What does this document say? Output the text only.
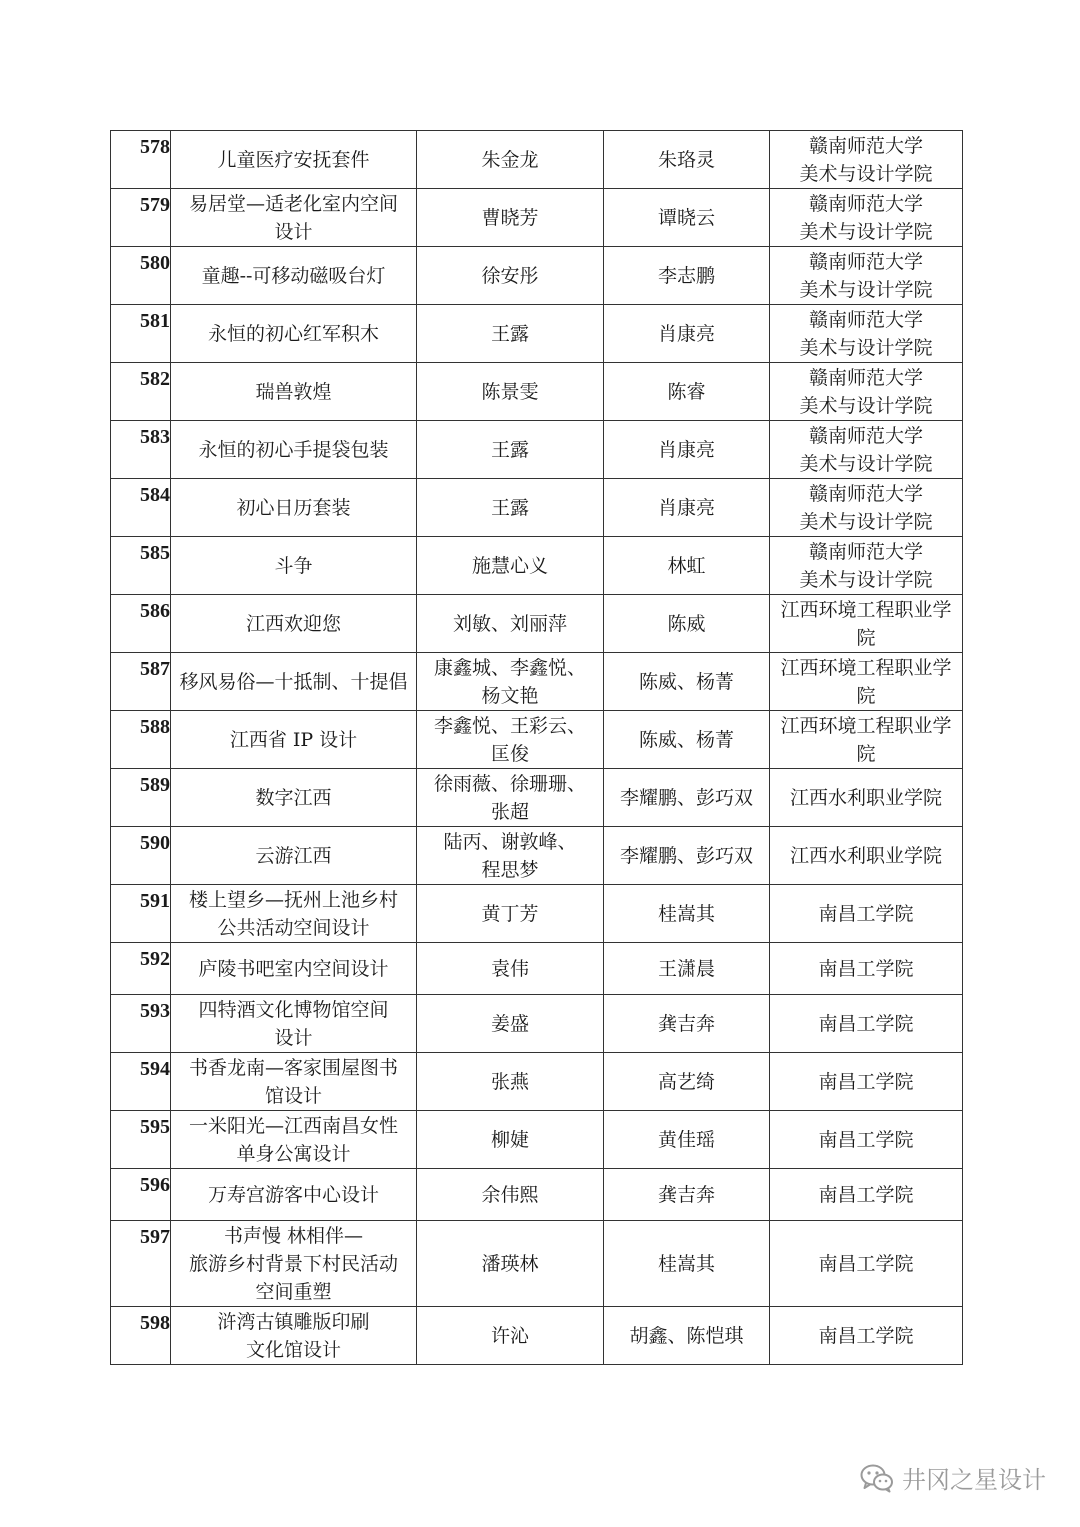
578	儿童医疗安抚套件	朱金龙	朱珞灵	赣南师范大学
美术与设计学院
579	易居堂—适老化室内空间
设计	曹晓芳	谭晓云	赣南师范大学
美术与设计学院
580	童趣--可移动磁吸台灯	徐安彤	李志鹏	赣南师范大学
美术与设计学院
581	永恒的初心红军积木	王露	肖康亮	赣南师范大学
美术与设计学院
582	瑞兽敦煌	陈景雯	陈睿	赣南师范大学
美术与设计学院
583	永恒的初心手提袋包装	王露	肖康亮	赣南师范大学
美术与设计学院
584	初心日历套装	王露	肖康亮	赣南师范大学
美术与设计学院
585	斗争	施慧心义	林虹	赣南师范大学
美术与设计学院
586	江西欢迎您	刘敏、刘丽萍	陈威	江西环境工程职业学
院
587	移风易俗—十抵制、十提倡	康鑫城、李鑫悦、
杨文艳	陈威、杨菁	江西环境工程职业学
院
588	江西省 IP 设计	李鑫悦、王彩云、
匡俊	陈威、杨菁	江西环境工程职业学
院
589	数字江西	徐雨薇、徐珊珊、
张超	李耀鹏、彭巧双	江西水利职业学院
590	云游江西	陆丙、谢敦峰、
程思梦	李耀鹏、彭巧双	江西水利职业学院
591	楼上望乡—抚州上池乡村
公共活动空间设计	黄丁芳	桂嵩其	南昌工学院
592	庐陵书吧室内空间设计	袁伟	王潇晨	南昌工学院
593	四特酒文化博物馆空间
设计	姜盛	龚吉奔	南昌工学院
594	书香龙南—客家围屋图书
馆设计	张燕	高艺绮	南昌工学院
595	一米阳光—江西南昌女性
单身公寓设计	柳婕	黄佳瑶	南昌工学院
596	万寿宫游客中心设计	余伟熙	龚吉奔	南昌工学院
597	书声慢 林相伴—
旅游乡村背景下村民活动
空间重塑	潘瑛林	桂嵩其	南昌工学院
598	浒湾古镇雕版印刷
文化馆设计	许沁	胡鑫、陈恺琪	南昌工学院
井冈之星设计
